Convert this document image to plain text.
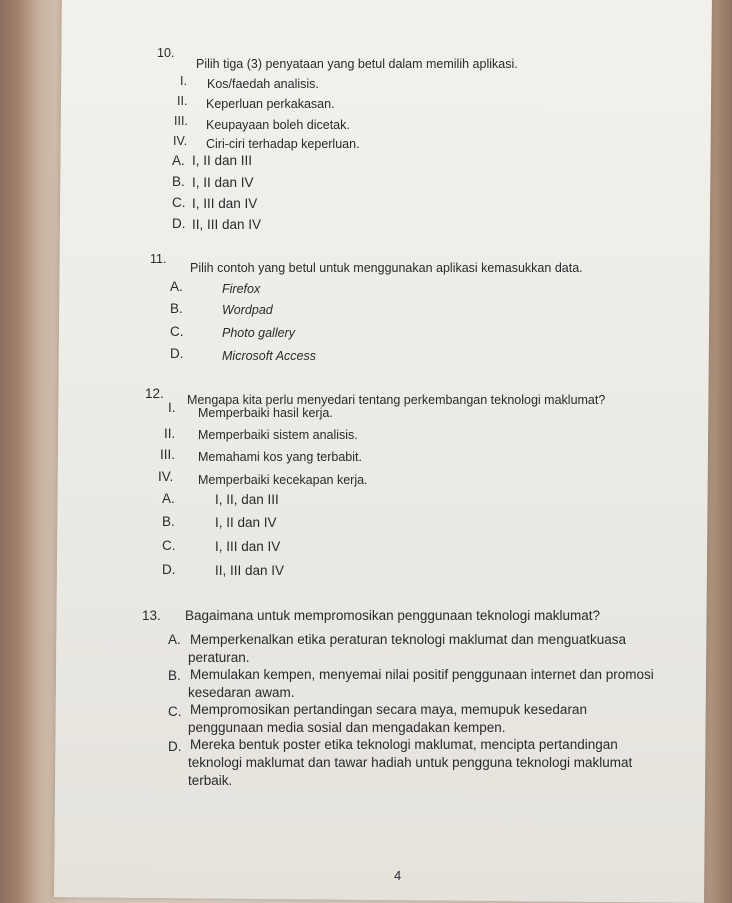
10.
Pilih tiga (3) penyataan yang betul dalam memilih aplikasi.
I. Kos/faedah analisis.
II. Keperluan perkakasan.
III. Keupayaan boleh dicetak.
IV. Ciri-ciri terhadap keperluan.
A. I, II dan III
B. I, II dan IV
C. I, III dan IV
D. II, III dan IV
11.
Pilih contoh yang betul untuk menggunakan aplikasi kemasukkan data.
A.	Firefox
B.	Wordpad
C.	Photo gallery
D.	Microsoft Access
12. Mengapa kita perlu menyedari tentang perkembangan teknologi maklumat?
I. Memperbaiki hasil kerja.
II. Memperbaiki sistem analisis.
III. Memahami kos yang terbabit.
IV. Memperbaiki kecekapan kerja.
A.	I, II, dan III
B.	I, II dan IV
C.	I, III dan IV
D.	II, III dan IV
13. Bagaimana untuk mempromosikan penggunaan teknologi maklumat?
A. Memperkenalkan etika peraturan teknologi maklumat dan menguatkuasa
peraturan.
B. Memulakan kempen, menyemai nilai positif penggunaan internet dan promosi
kesedaran awam.
C. Mempromosikan pertandingan secara maya, memupuk kesedaran
penggunaan media sosial dan mengadakan kempen.
D. Mereka bentuk poster etika teknologi maklumat, mencipta pertandingan
teknologi maklumat dan tawar hadiah untuk pengguna teknologi maklumat
terbaik.
4
